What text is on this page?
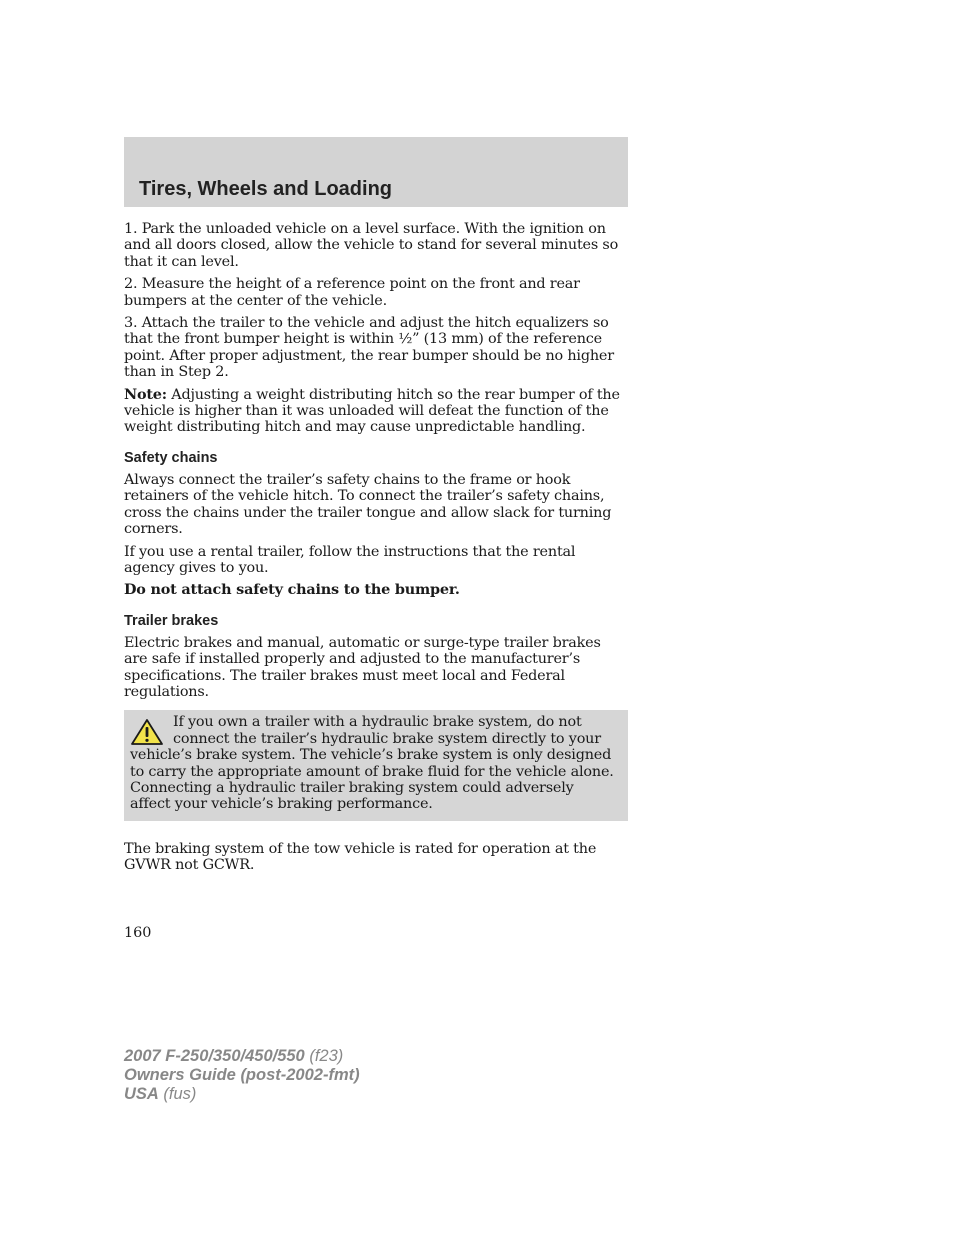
Tires, Wheels and Loading

1. Park the unloaded vehicle on a level surface. With the ignition on and all doors closed, allow the vehicle to stand for several minutes so that it can level.

2. Measure the height of a reference point on the front and rear bumpers at the center of the vehicle.

3. Attach the trailer to the vehicle and adjust the hitch equalizers so that the front bumper height is within ½” (13 mm) of the reference point. After proper adjustment, the rear bumper should be no higher than in Step 2.

Note: Adjusting a weight distributing hitch so the rear bumper of the vehicle is higher than it was unloaded will defeat the function of the weight distributing hitch and may cause unpredictable handling.

Safety chains

Always connect the trailer’s safety chains to the frame or hook retainers of the vehicle hitch. To connect the trailer’s safety chains, cross the chains under the trailer tongue and allow slack for turning corners.

If you use a rental trailer, follow the instructions that the rental agency gives to you.

Do not attach safety chains to the bumper.

Trailer brakes

Electric brakes and manual, automatic or surge-type trailer brakes are safe if installed properly and adjusted to the manufacturer’s specifications. The trailer brakes must meet local and Federal regulations.

If you own a trailer with a hydraulic brake system, do not connect the trailer’s hydraulic brake system directly to your vehicle’s brake system. The vehicle’s brake system is only designed to carry the appropriate amount of brake fluid for the vehicle alone. Connecting a hydraulic trailer braking system could adversely affect your vehicle’s braking performance.

The braking system of the tow vehicle is rated for operation at the GVWR not GCWR.

160
2007 F-250/350/450/550 (f23)
Owners Guide (post-2002-fmt)
USA (fus)
